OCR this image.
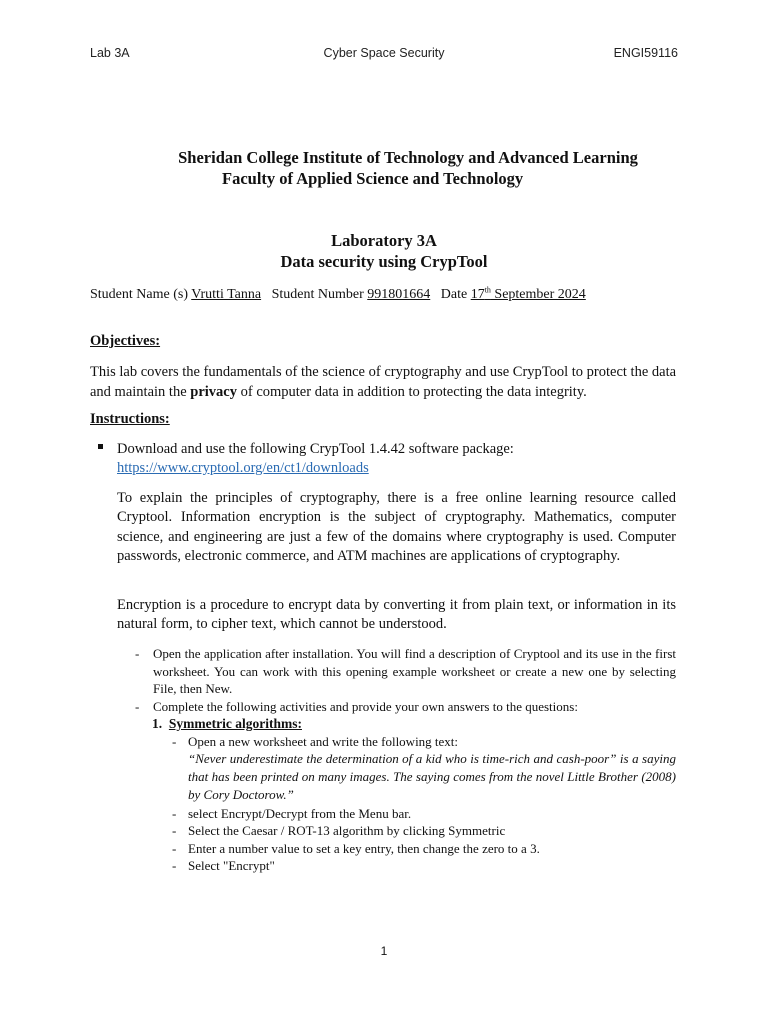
Lab 3A	Cyber Space Security	ENGI59116
Sheridan College Institute of Technology and Advanced Learning
Faculty of Applied Science and Technology
Laboratory 3A
Data security using CrypTool
Student Name (s) Vrutti Tanna Student Number 991801664 Date 17th September 2024
Objectives:
This lab covers the fundamentals of the science of cryptography and use CrypTool to protect the data and maintain the privacy of computer data in addition to protecting the data integrity.
Instructions:
Download and use the following CrypTool 1.4.42 software package:
https://www.cryptool.org/en/ct1/downloads
To explain the principles of cryptography, there is a free online learning resource called Cryptool. Information encryption is the subject of cryptography. Mathematics, computer science, and engineering are just a few of the domains where cryptography is used. Computer passwords, electronic commerce, and ATM machines are applications of cryptography.
Encryption is a procedure to encrypt data by converting it from plain text, or information in its natural form, to cipher text, which cannot be understood.
- Open the application after installation. You will find a description of Cryptool and its use in the first worksheet. You can work with this opening example worksheet or create a new one by selecting File, then New.
- Complete the following activities and provide your own answers to the questions:
1. Symmetric algorithms:
- Open a new worksheet and write the following text:
“Never underestimate the determination of a kid who is time-rich and cash-poor” is a saying that has been printed on many images. The saying comes from the novel Little Brother (2008) by Cory Doctorow.”
- select Encrypt/Decrypt from the Menu bar.
- Select the Caesar / ROT-13 algorithm by clicking Symmetric
- Enter a number value to set a key entry, then change the zero to a 3.
- Select "Encrypt"
1
